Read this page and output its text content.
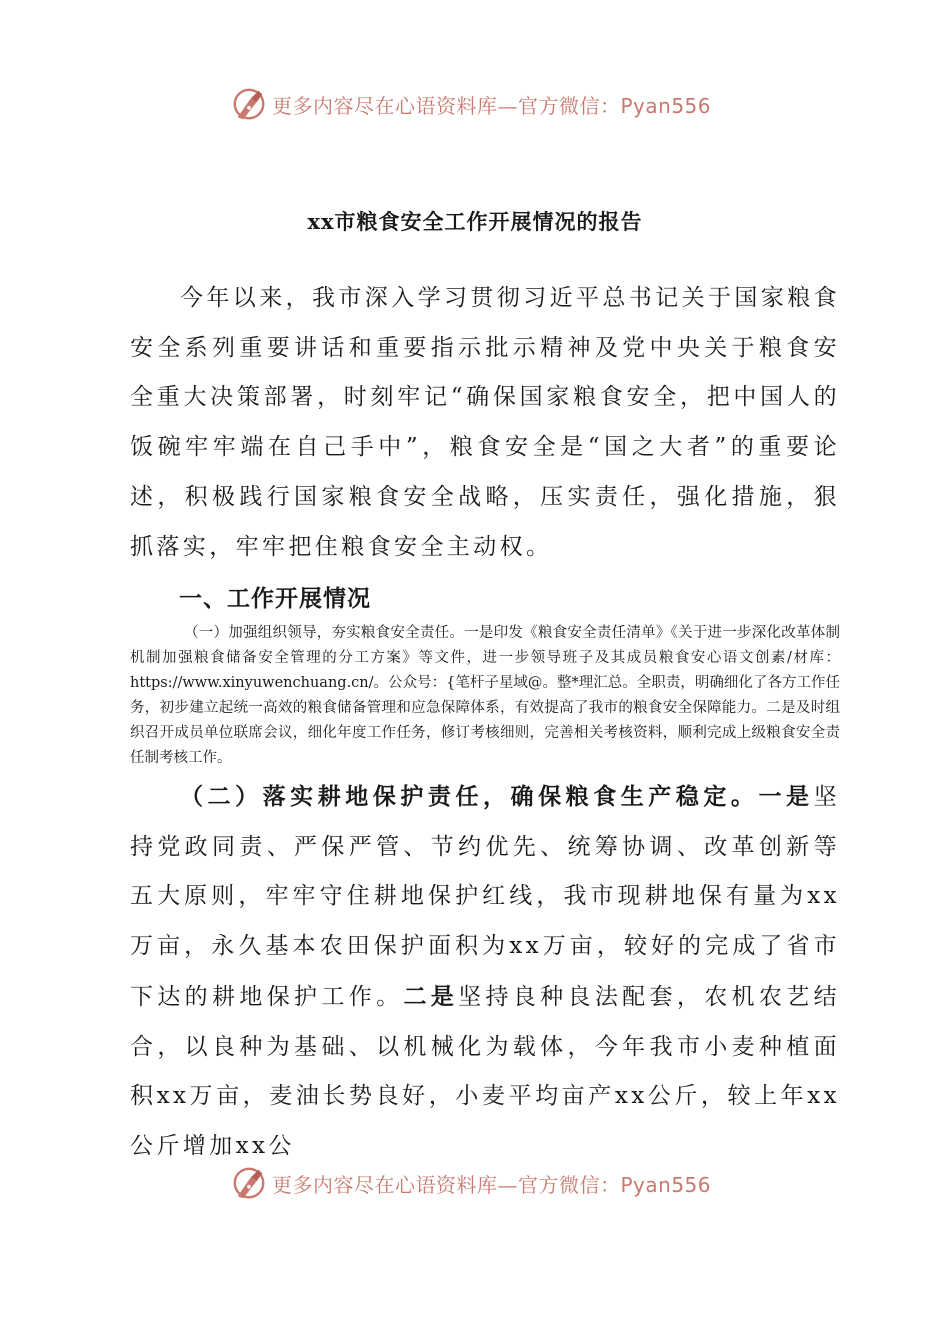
更多内容尽在心语资料库—官方微信：Pyan556
xx市粮食安全工作开展情况的报告

今年以来，我市深入学习贯彻习近平总书记关于国家粮食安全系列重要讲话和重要指示批示精神及党中央关于粮食安全重大决策部署，时刻牢记“确保国家粮食安全，把中国人的饭碗牢牢端在自己手中”，粮食安全是“国之大者”的重要论述，积极践行国家粮食安全战略，压实责任，强化措施，狠抓落实，牢牢把住粮食安全主动权。

一、工作开展情况

（一）加强组织领导，夯实粮食安全责任。一是印发《粮食安全责任清单》《关于进一步深化改革体制机制加强粮食储备安全管理的分工方案》等文件，进一步领导班子及其成员粮食安心语文创素/材库：https://www.xinyuwenchuang.cn/。公众号：{笔杆子星域@。整*理汇总。全职责，明确细化了各方工作任务，初步建立起统一高效的粮食储备管理和应急保障体系，有效提高了我市的粮食安全保障能力。二是及时组织召开成员单位联席会议，细化年度工作任务，修订考核细则，完善相关考核资料，顺利完成上级粮食安全责任制考核工作。

（二）落实耕地保护责任，确保粮食生产稳定。一是坚持党政同责、严保严管、节约优先、统筹协调、改革创新等五大原则，牢牢守住耕地保护红线，我市现耕地保有量为xx万亩，永久基本农田保护面积为xx万亩，较好的完成了省市下达的耕地保护工作。二是坚持良种良法配套，农机农艺结合，以良种为基础、以机械化为载体，今年我市小麦种植面积xx万亩，麦油长势良好，小麦平均亩产xx公斤，较上年xx公斤增加xx公

更多内容尽在心语资料库—官方微信：Pyan556
